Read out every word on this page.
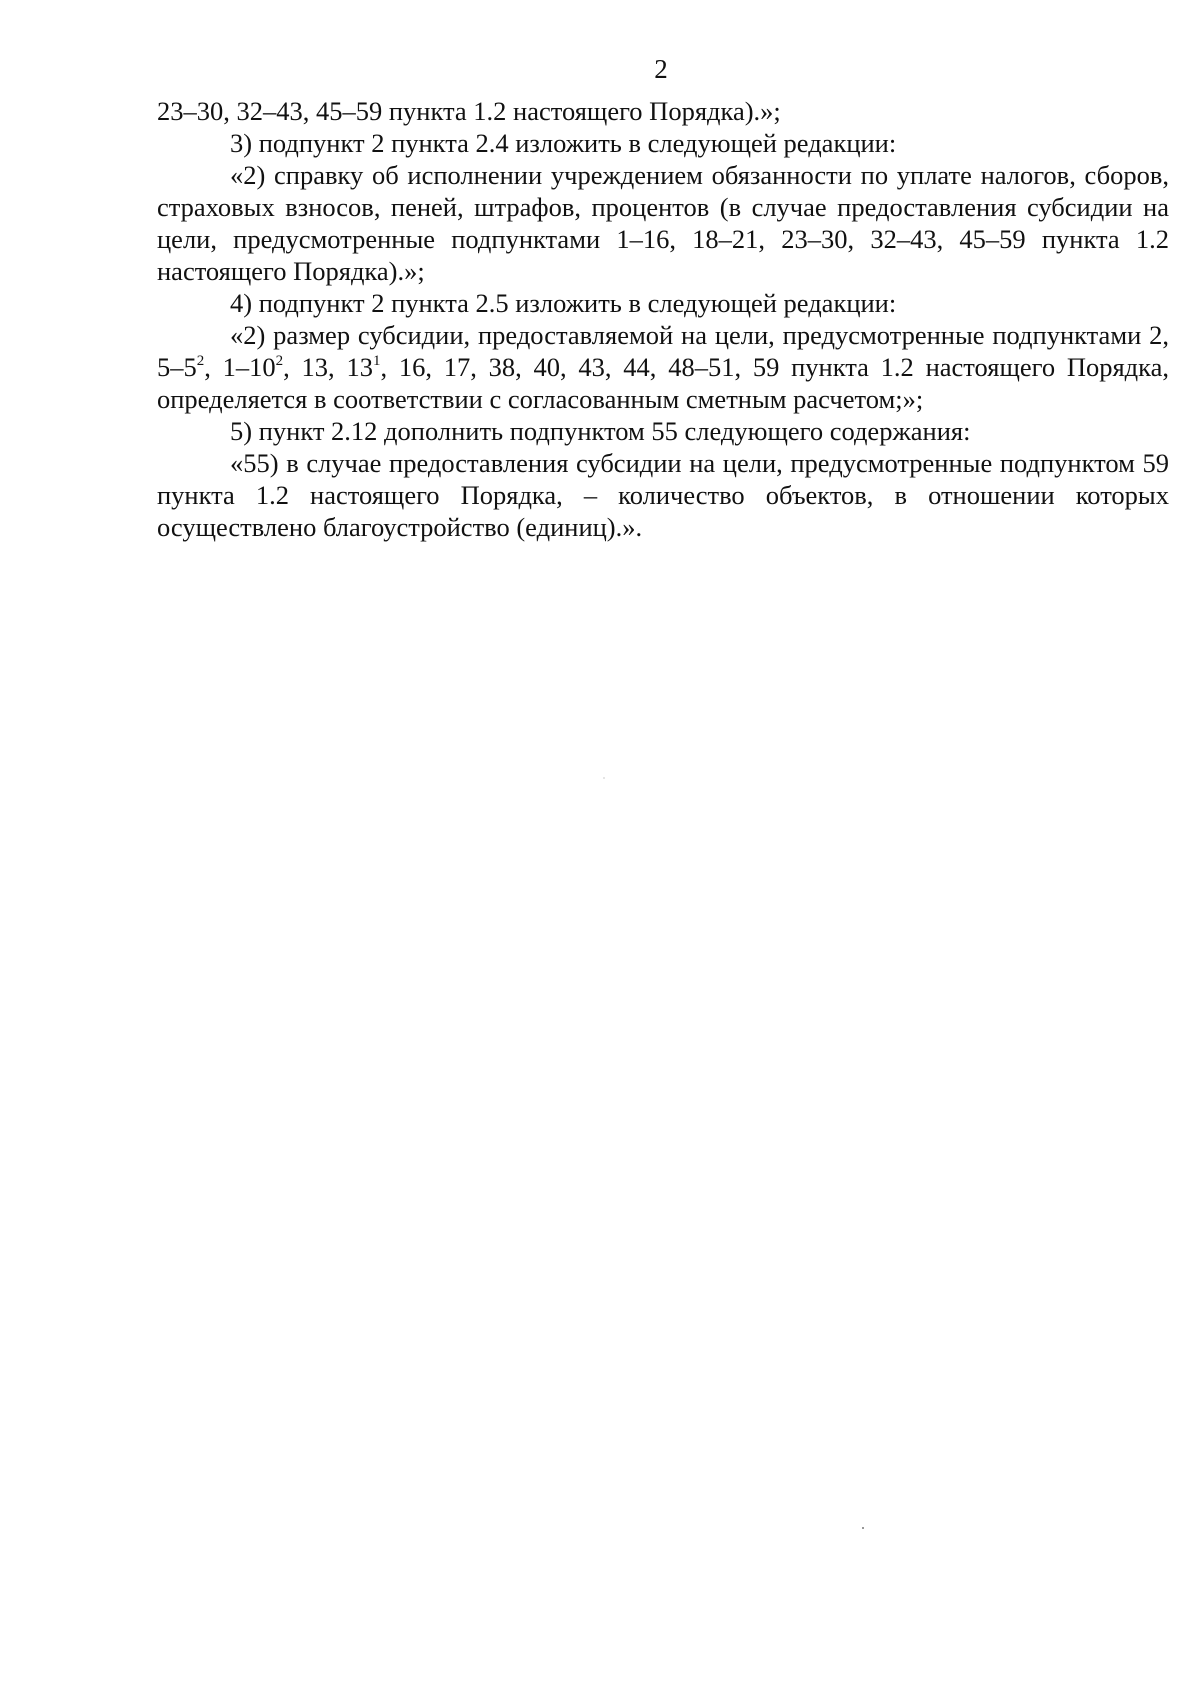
2

23–30, 32–43, 45–59 пункта 1.2 настоящего Порядка).»;

3) подпункт 2 пункта 2.4 изложить в следующей редакции:

«2) справку об исполнении учреждением обязанности по уплате налогов, сборов, страховых взносов, пеней, штрафов, процентов (в случае предоставления субсидии на цели, предусмотренные подпунктами 1–16, 18–21, 23–30, 32–43, 45–59 пункта 1.2 настоящего Порядка).»;

4) подпункт 2 пункта 2.5 изложить в следующей редакции:

«2) размер субсидии, предоставляемой на цели, предусмотренные подпунктами 2, $5-5^2$, $1-10^2$, 13, $13^1$, 16, 17, 38, 40, 43, 44, 48–51, 59 пункта 1.2 настоящего Порядка, определяется в соответствии с согласованным сметным расчетом;»;

5) пункт 2.12 дополнить подпунктом 55 следующего содержания:

«55) в случае предоставления субсидии на цели, предусмотренные подпунктом 59 пункта 1.2 настоящего Порядка, – количество объектов, в отношении которых осуществлено благоустройство (единиц).».
